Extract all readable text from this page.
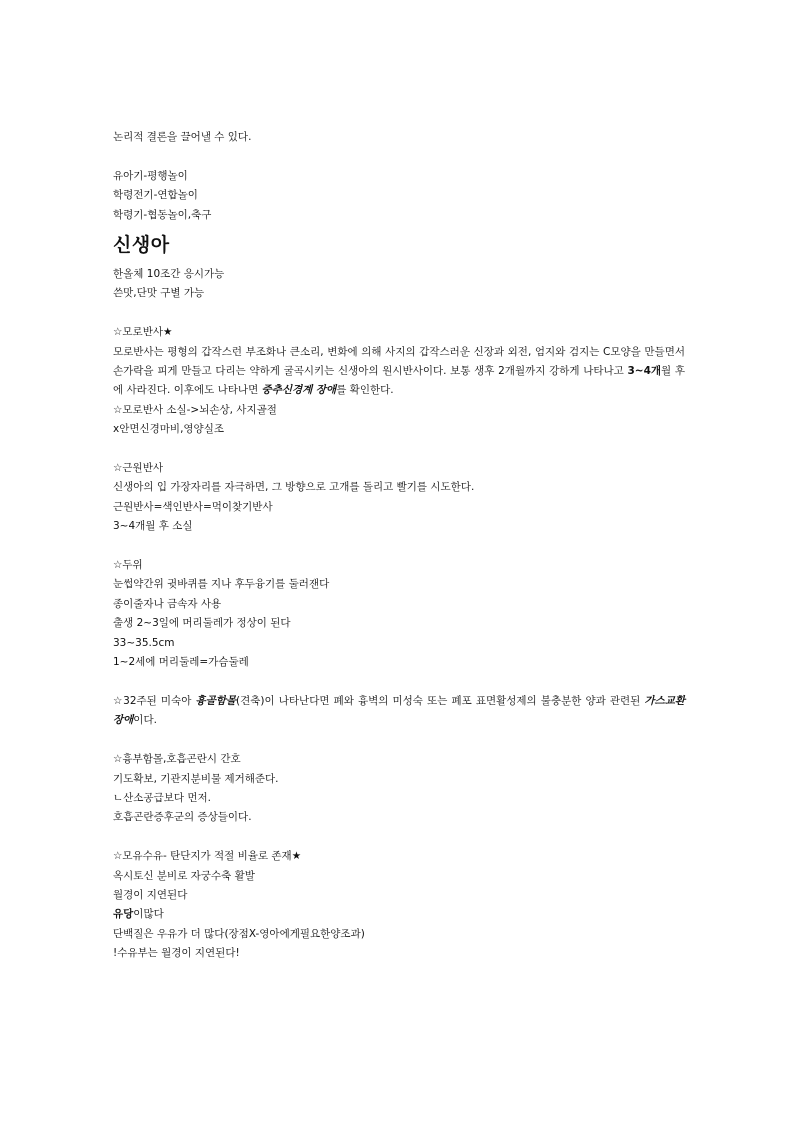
논리적 결론을 끌어낼 수 있다.
유아기-평행놀이
학령전기-연합놀이
학령기-협동놀이,축구
신생아
한올체 10조간 응시가능
쓴맛,단맛 구별 가능
☆모로반사★
모로반사는 평형의 갑작스런 부조화나 큰소리, 변화에 의해 사지의 갑작스러운 신장과 외전, 엄지와 검지는 C모양을 만들면서 손가락을 피게 만들고 다리는 약하게 굴곡시키는 신생아의 원시반사이다. 보통 생후 2개월까지 강하게 나타나고 3~4개월 후에 사라진다. 이후에도 나타나면 중추신경계 장애를 확인한다.
☆모로반사 소실->뇌손상, 사지골절
x안면신경마비,영양실조
☆근원반사
신생아의 입 가장자리를 자극하면, 그 방향으로 고개를 돌리고 빨기를 시도한다.
근원반사=색인반사=먹이찾기반사
3~4개월 후 소실
☆두위
눈썹약간위 귓바퀴를 지나 후두융기를 둘러잰다
종이줄자나 금속자 사용
출생 2~3일에 머리둘레가 정상이 된다
33~35.5cm
1~2세에 머리둘레=가슴둘레
☆32주된 미숙아 흉골함몰(견축)이 나타난다면 폐와 흉벽의 미성숙 또는 폐포 표면활성제의 불충분한 양과 관련된 가스교환 장애이다.
☆흉부함몰,호흡곤란시 간호
기도확보, 기관지분비물 제거해준다.
ㄴ산소공급보다 먼저.
호흡곤란증후군의 증상들이다.
☆모유수유- 탄단지가 적절 비율로 존재★
옥시토신 분비로 자궁수축 활발
월경이 지연된다
유당이많다
단백질은 우유가 더 많다(장점X-영아에게필요한양조과)
!수유부는 월경이 지연된다!
